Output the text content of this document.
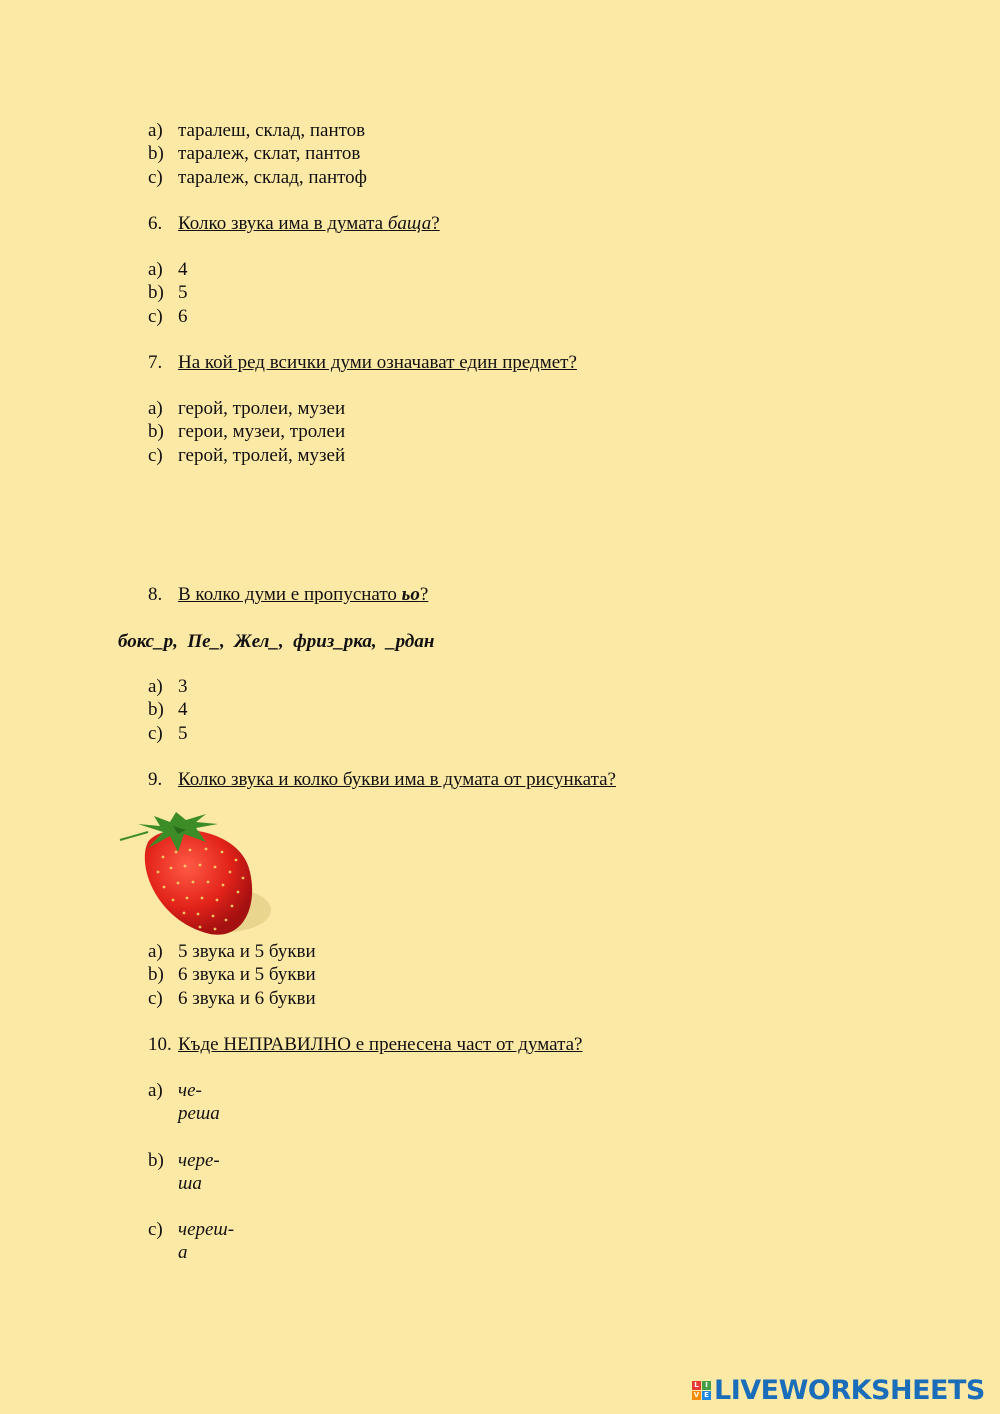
a) таралеш, склад, пантов
b) таралеж, склат, пантов
c) таралеж, склад, пантоф
6. Колко звука има в думата баща?
a) 4
b) 5
c) 6
7. На кой ред всички думи означават един предмет?
a) герой, тролеи, музеи
b) герои, музеи, тролеи
c) герой, тролей, музей
8. В колко думи е пропуснато ьо?
бокс_р,  Пе_,  Жел_,  фриз_рка,  _рдан
a) 3
b) 4
c) 5
9. Колко звука и колко букви има в думата от рисунката?
a) 5 звука и 5 букви
b) 6 звука и 5 букви
c) 6 звука и 6 букви
10. Къде НЕПРАВИЛНО е пренесена част от думата?
a) че-
реша
b) чере-
ша
c) череш-
а
L I
V E LIVEWORKSHEETS
